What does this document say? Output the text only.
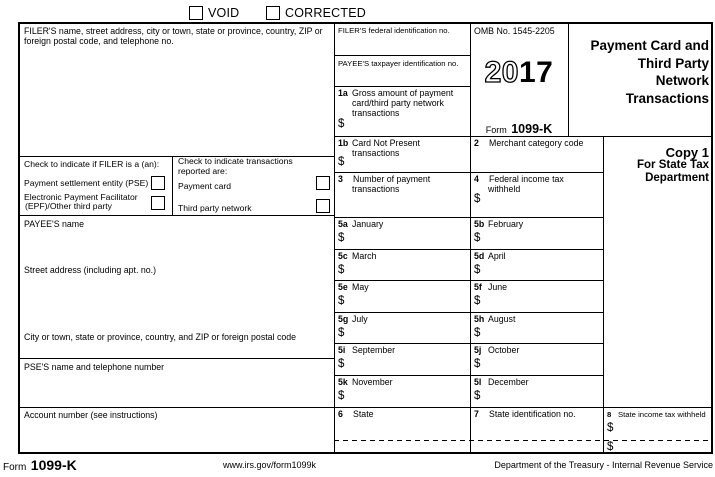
VOID	CORRECTED
FILER'S name, street address, city or town, state or province, country, ZIP or foreign postal code, and telephone no.
Check to indicate if FILER is a (an):
Payment settlement entity (PSE)
Electronic Payment Facilitator
(EPF)/Other third party
Check to indicate transactions reported are:
Payment card
Third party network
PAYEE'S name
Street address (including apt. no.)
City or town, state or province, country, and ZIP or foreign postal code
PSE'S name and telephone number
Account number (see instructions)
FILER'S federal identification no.
PAYEE'S taxpayer identification no.
1a Gross amount of payment card/third party network transactions
$
1b Card Not Present transactions
$
2 Merchant category code
3 Number of payment transactions
4 Federal income tax withheld
$
OMB No. 1545-2205
2017
Form 1099-K
Payment Card and
Third Party
Network
Transactions
Copy 1
For State Tax
Department
5a January
$
5b February
$
5c March
$
5d April
$
5e May
$
5f June
$
5g July
$
5h August
$
5i September
$
5j October
$
5k November
$
5l December
$
6 State	7 State identification no.	8 State income tax withheld
$
$
Form 1099-K	www.irs.gov/form1099k	Department of the Treasury - Internal Revenue Service
